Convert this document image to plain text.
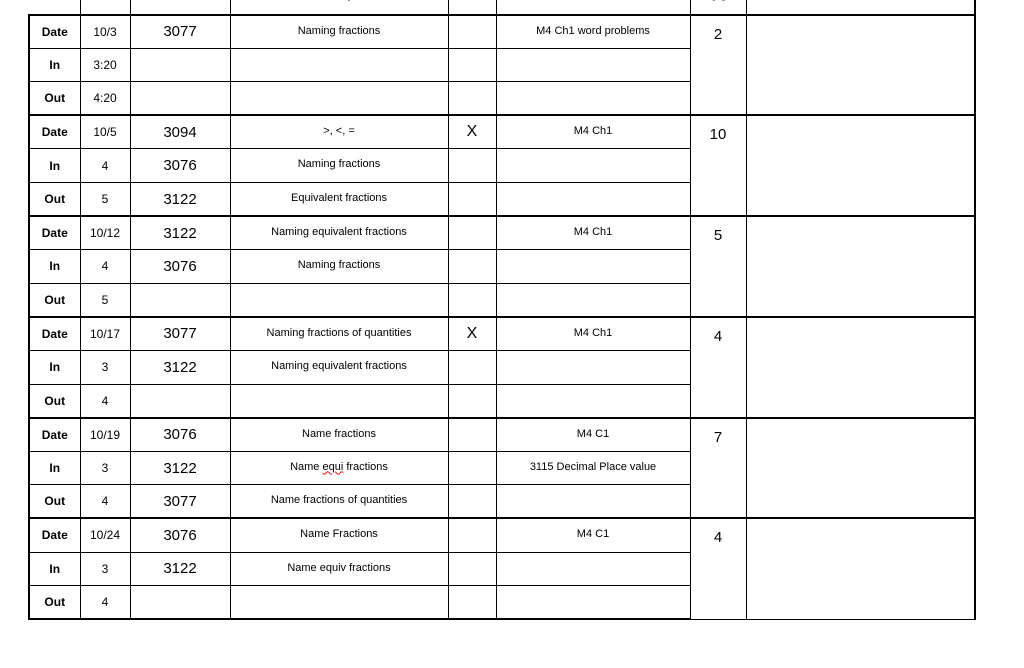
Date	10/3	3077	Naming fractions		M4 Ch1 word problems	2	
In	3:20						
Out	4:20						
Date	10/5	3094	>, <, =	X	M4 Ch1	10	
In	4	3076	Naming fractions				
Out	5	3122	Equivalent fractions				
Date	10/12	3122	Naming equivalent fractions		M4 Ch1	5	
In	4	3076	Naming fractions				
Out	5						
Date	10/17	3077	Naming fractions of quantities	X	M4 Ch1	4	
In	3	3122	Naming equivalent fractions				
Out	4						
Date	10/19	3076	Name fractions		M4 C1	7	
In	3	3122	Name equi fractions		3115 Decimal Place value		
Out	4	3077	Name fractions of quantities				
Date	10/24	3076	Name Fractions		M4 C1	4	
In	3	3122	Name equiv fractions				
Out	4						
